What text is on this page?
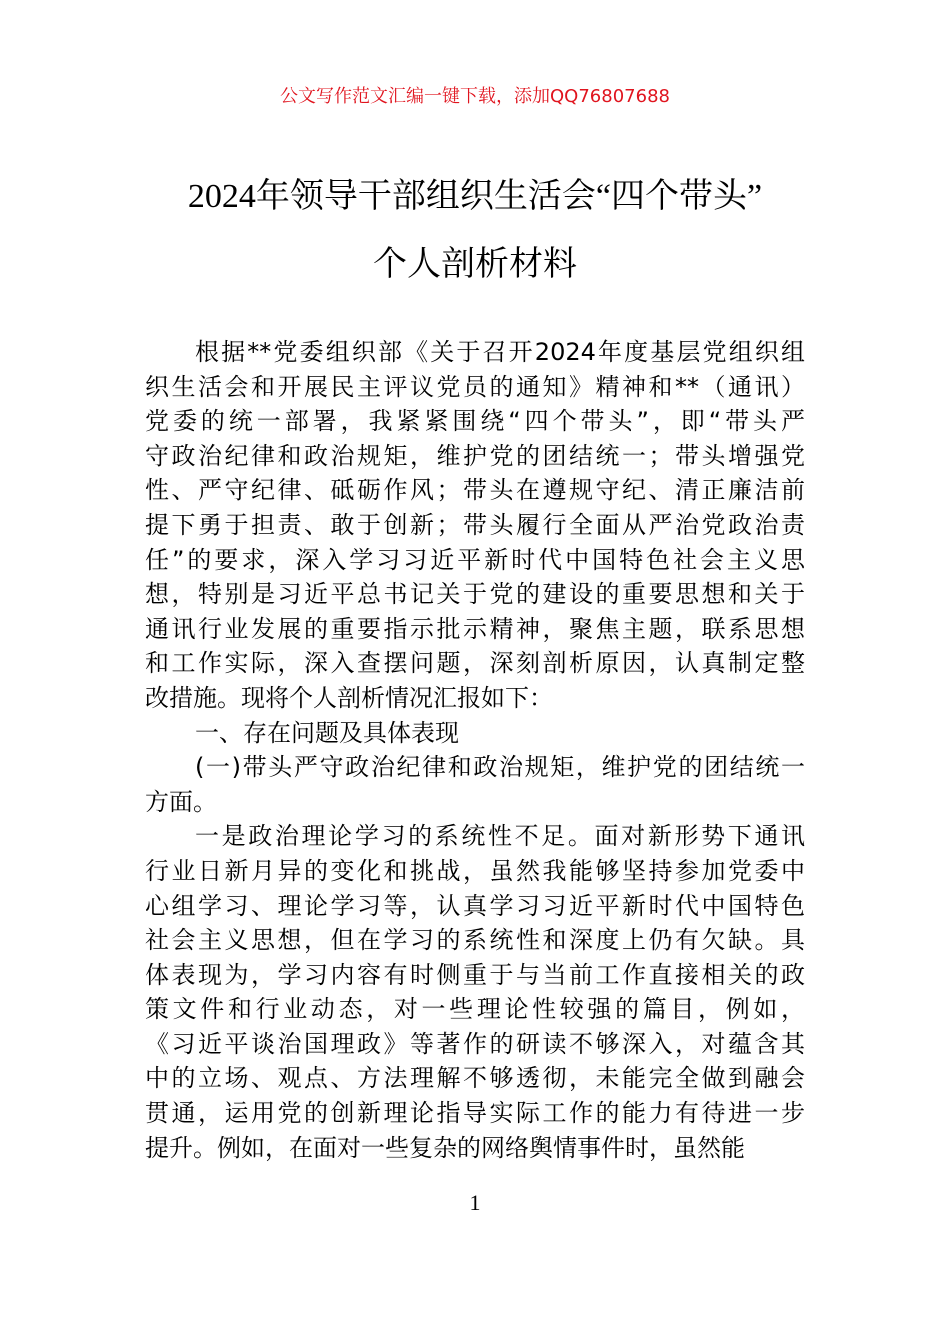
公文写作范文汇编一键下载，添加QQ76807688
2024年领导干部组织生活会“四个带头”
个人剖析材料
根据**党委组织部《关于召开2024年度基层党组织组
织生活会和开展民主评议党员的通知》精神和**（通讯）
党委的统一部署，我紧紧围绕“四个带头”，即“带头严
守政治纪律和政治规矩，维护党的团结统一；带头增强党
性、严守纪律、砥砺作风；带头在遵规守纪、清正廉洁前
提下勇于担责、敢于创新；带头履行全面从严治党政治责
任”的要求，深入学习习近平新时代中国特色社会主义思
想，特别是习近平总书记关于党的建设的重要思想和关于
通讯行业发展的重要指示批示精神，聚焦主题，联系思想
和工作实际，深入查摆问题，深刻剖析原因，认真制定整
改措施。现将个人剖析情况汇报如下：
一、存在问题及具体表现
(一)带头严守政治纪律和政治规矩，维护党的团结统一
方面。
一是政治理论学习的系统性不足。面对新形势下通讯
行业日新月异的变化和挑战，虽然我能够坚持参加党委中
心组学习、理论学习等，认真学习习近平新时代中国特色
社会主义思想，但在学习的系统性和深度上仍有欠缺。具
体表现为，学习内容有时侧重于与当前工作直接相关的政
策文件和行业动态，对一些理论性较强的篇目，例如，
《习近平谈治国理政》等著作的研读不够深入，对蕴含其
中的立场、观点、方法理解不够透彻，未能完全做到融会
贯通，运用党的创新理论指导实际工作的能力有待进一步
提升。例如，在面对一些复杂的网络舆情事件时，虽然能
1
